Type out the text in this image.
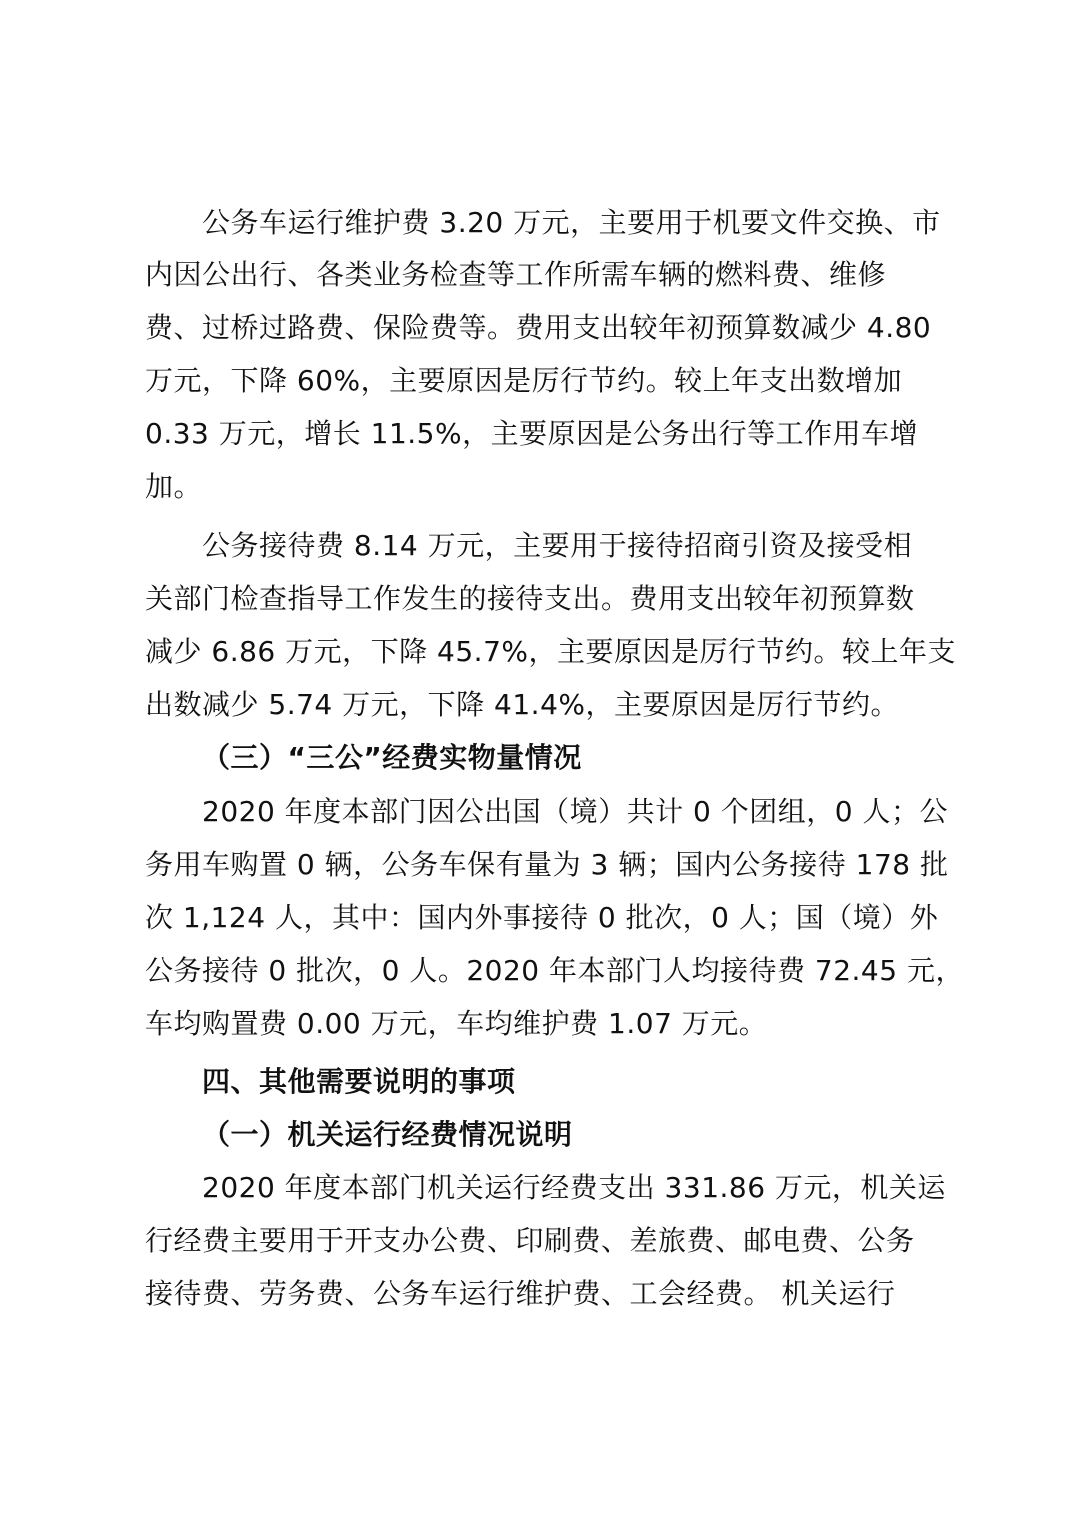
公务车运行维护费 3.20 万元，主要用于机要文件交换、市
内因公出行、各类业务检查等工作所需车辆的燃料费、维修
费、过桥过路费、保险费等。费用支出较年初预算数减少 4.80
万元，下降 60%，主要原因是厉行节约。较上年支出数增加
0.33 万元，增长 11.5%，主要原因是公务出行等工作用车增
加。
公务接待费 8.14 万元，主要用于接待招商引资及接受相
关部门检查指导工作发生的接待支出。费用支出较年初预算数
减少 6.86 万元，下降 45.7%，主要原因是厉行节约。较上年支
出数减少 5.74 万元，下降 41.4%，主要原因是厉行节约。
（三）“三公”经费实物量情况
2020 年度本部门因公出国（境）共计 0 个团组，0 人；公
务用车购置 0 辆，公务车保有量为 3 辆；国内公务接待 178 批
次 1,124 人，其中：国内外事接待 0 批次，0 人；国（境）外
公务接待 0 批次，0 人。2020 年本部门人均接待费 72.45 元，
车均购置费 0.00 万元，车均维护费 1.07 万元。
四、其他需要说明的事项
（一）机关运行经费情况说明
2020 年度本部门机关运行经费支出 331.86 万元，机关运
行经费主要用于开支办公费、印刷费、差旅费、邮电费、公务
接待费、劳务费、公务车运行维护费、工会经费。 机关运行
